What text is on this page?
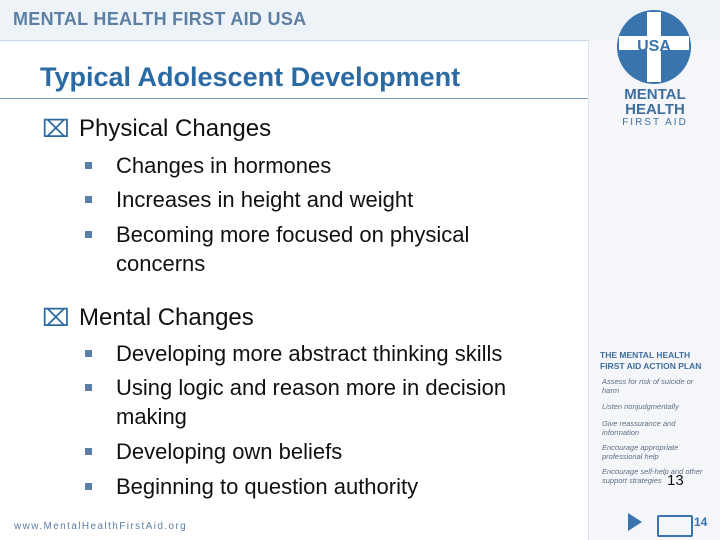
MENTAL HEALTH FIRST AID USA
USA
MENTAL
HEALTH
FIRST AID
Typical Adolescent Development
⌧ Physical Changes
Changes in hormones
Increases in height and weight
Becoming more focused on physical concerns
⌧ Mental Changes
Developing more abstract thinking skills
Using logic and reason more in decision making
Developing own beliefs
Beginning to question authority
THE MENTAL HEALTH FIRST AID ACTION PLAN
Assess for risk of suicide or harm
Listen nonjudgmentally
Give reassurance and information
Encourage appropriate professional help
Encourage self-help and other support strategies 13
www.MentalHealthFirstAid.org	14
